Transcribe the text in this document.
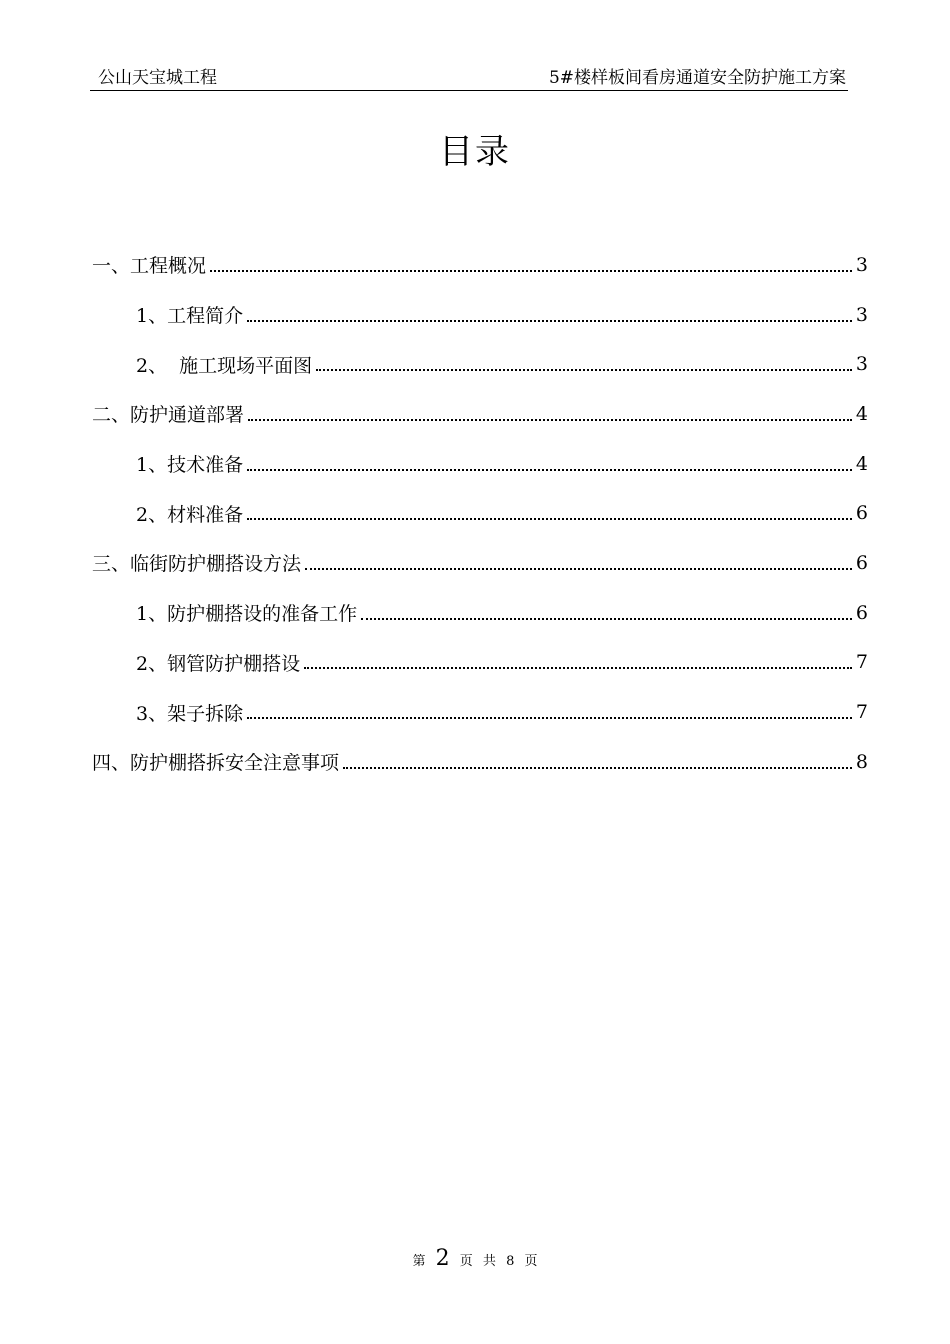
公山天宝城工程	5#楼样板间看房通道安全防护施工方案
目录
一、工程概况	3
1、工程简介	3
2、  施工现场平面图	3
二、防护通道部署	4
1、技术准备	4
2、材料准备	6
三、临街防护棚搭设方法	6
1、防护棚搭设的准备工作	6
2、钢管防护棚搭设	7
3、架子拆除	7
四、防护棚搭拆安全注意事项	8
第 2 页 共 8 页
